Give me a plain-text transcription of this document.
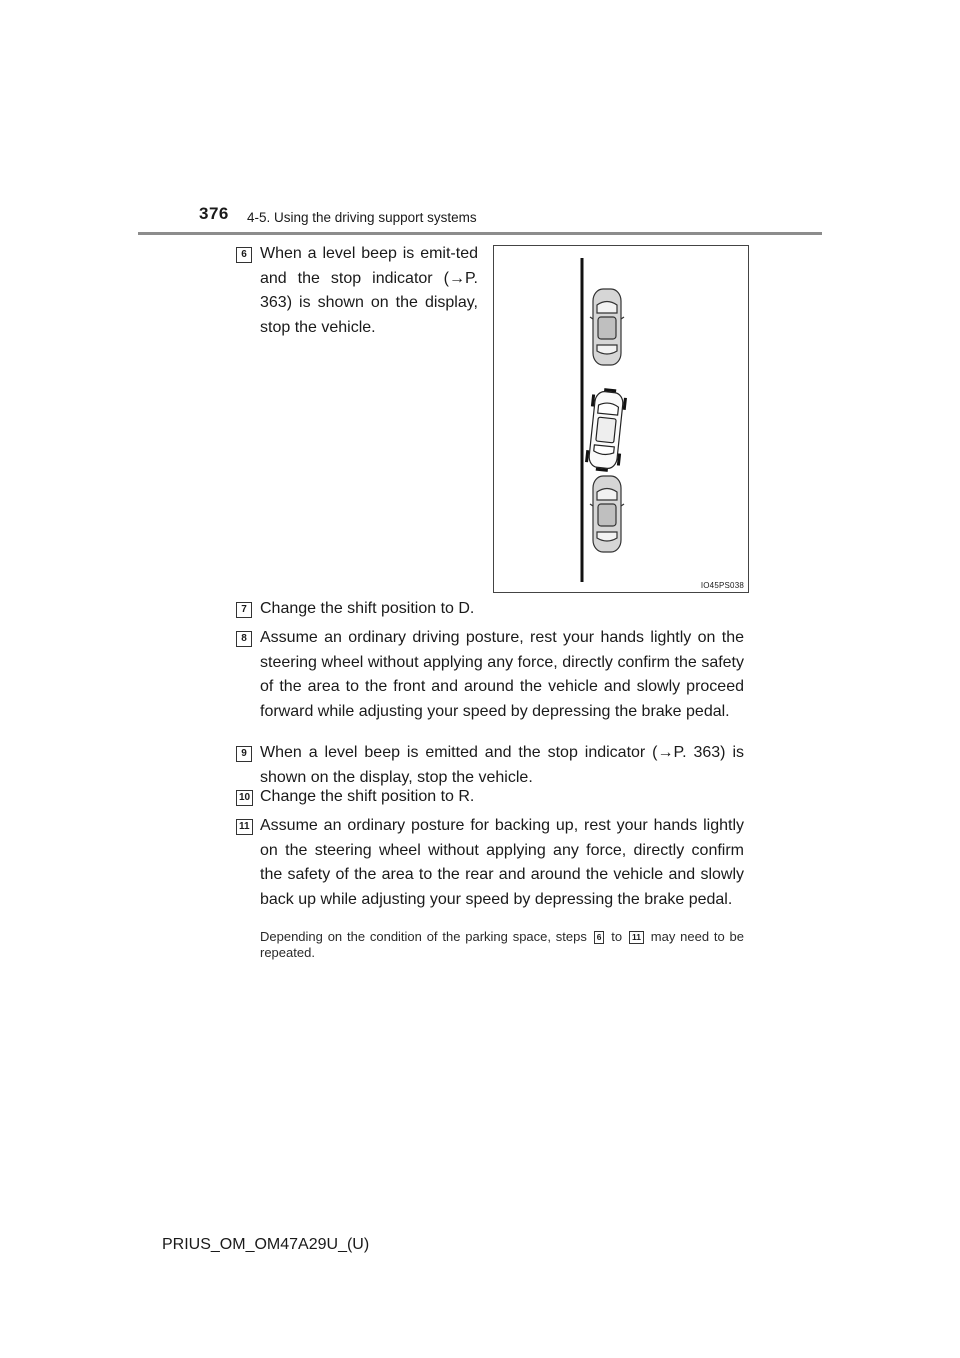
376 4-5. Using the driving support systems
6 When a level beep is emit-ted and the stop indicator (→P. 363) is shown on the display, stop the vehicle.
IO45PS038
7 Change the shift position to D.
8 Assume an ordinary driving posture, rest your hands lightly on the steering wheel without applying any force, directly confirm the safety of the area to the front and around the vehicle and slowly proceed forward while adjusting your speed by depressing the brake pedal.
9 When a level beep is emitted and the stop indicator (→P. 363) is shown on the display, stop the vehicle.
10 Change the shift position to R.
11 Assume an ordinary posture for backing up, rest your hands lightly on the steering wheel without applying any force, directly confirm the safety of the area to the rear and around the vehicle and slowly back up while adjusting your speed by depressing the brake pedal.
Depending on the condition of the parking space, steps 6 to 11 may need to be repeated.
PRIUS_OM_OM47A29U_(U)
